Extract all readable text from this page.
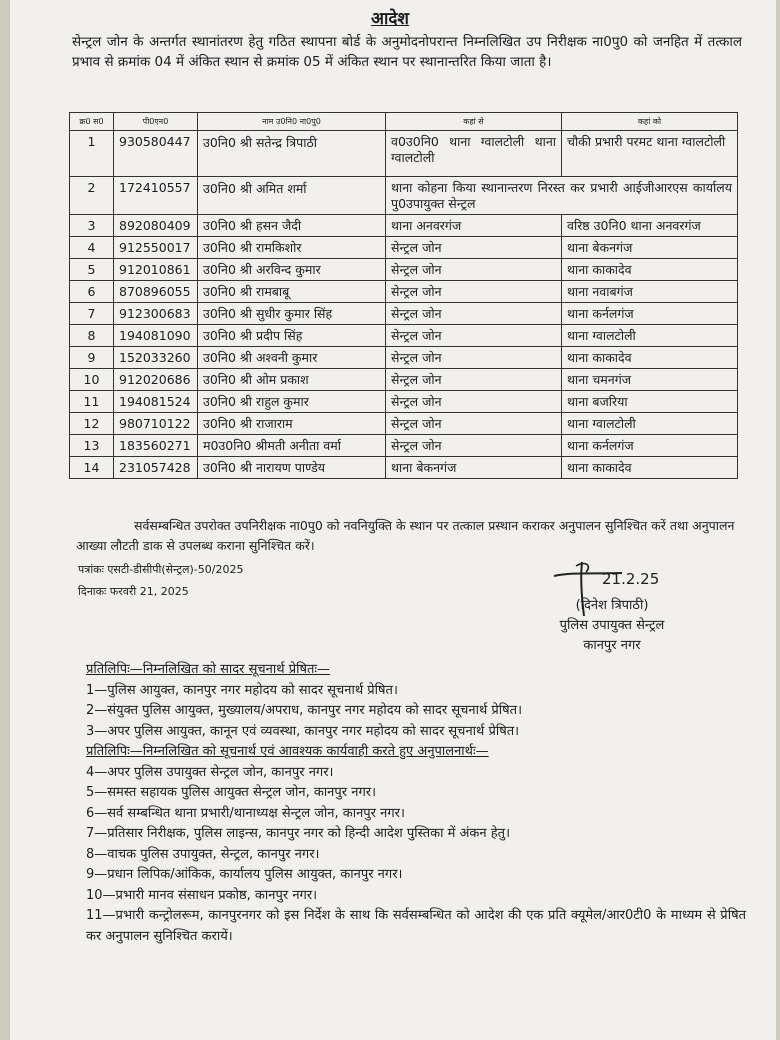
आदेश
सेन्ट्रल जोन के अन्तर्गत स्थानांतरण हेतु गठित स्थापना बोर्ड के अनुमोदनोपरान्त निम्नलिखित उप निरीक्षक ना0पु0 को जनहित में तत्काल प्रभाव से क्रमांक 04 में अंकित स्थान से क्रमांक 05 में अंकित स्थान पर स्थानान्तरित किया जाता है।
क्र0 स0	पी0एन0	नाम उ0नि0 ना0पु0	कहां से	कहां को
1	930580447	उ0नि0 श्री सतेन्द्र त्रिपाठी	व0उ0नि0 थाना ग्वालटोली थाना ग्वालटोली	चौकी प्रभारी परमट थाना ग्वालटोली
2	172410557	उ0नि0 श्री अमित शर्मा	थाना कोहना किया स्थानान्तरण निरस्त कर प्रभारी आईजीआरएस कार्यालय पु0उपायुक्त सेन्ट्रल	
3	892080409	उ0नि0 श्री हसन जैदी	थाना अनवरगंज	वरिष्ठ उ0नि0 थाना अनवरगंज
4	912550017	उ0नि0 श्री रामकिशोर	सेन्ट्रल जोन	थाना बेकनगंज
5	912010861	उ0नि0 श्री अरविन्द कुमार	सेन्ट्रल जोन	थाना काकादेव
6	870896055	उ0नि0 श्री रामबाबू	सेन्ट्रल जोन	थाना नवाबगंज
7	912300683	उ0नि0 श्री सुधीर कुमार सिंह	सेन्ट्रल जोन	थाना कर्नलगंज
8	194081090	उ0नि0 श्री प्रदीप सिंह	सेन्ट्रल जोन	थाना ग्वालटोली
9	152033260	उ0नि0 श्री अश्वनी कुमार	सेन्ट्रल जोन	थाना काकादेव
10	912020686	उ0नि0 श्री ओम प्रकाश	सेन्ट्रल जोन	थाना चमनगंज
11	194081524	उ0नि0 श्री राहुल कुमार	सेन्ट्रल जोन	थाना बजरिया
12	980710122	उ0नि0 श्री राजाराम	सेन्ट्रल जोन	थाना ग्वालटोली
13	183560271	म0उ0नि0 श्रीमती अनीता वर्मा	सेन्ट्रल जोन	थाना कर्नलगंज
14	231057428	उ0नि0 श्री नारायण पाण्डेय	थाना बेकनगंज	थाना काकादेव
सर्वसम्बन्धित उपरोक्त उपनिरीक्षक ना0पु0 को नवनियुक्ति के स्थान पर तत्काल प्रस्थान कराकर अनुपालन सुनिश्चित करें तथा अनुपालन आख्या लौटती डाक से उपलब्ध कराना सुनिश्चित करें।
पत्रांकः एसटी-डीसीपी(सेन्ट्रल)-50/2025
दिनाकः फरवरी 21, 2025
21.2.25
(दिनेश त्रिपाठी)
पुलिस उपायुक्त सेन्ट्रल
कानपुर नगर
प्रतिलिपिः—निम्नलिखित को सादर सूचनार्थ प्रेषितः—
1—पुलिस आयुक्त, कानपुर नगर महोदय को सादर सूचनार्थ प्रेषित।
2—संयुक्त पुलिस आयुक्त, मुख्यालय/अपराध, कानपुर नगर महोदय को सादर सूचनार्थ प्रेषित।
3—अपर पुलिस आयुक्त, कानून एवं व्यवस्था, कानपुर नगर महोदय को सादर सूचनार्थ प्रेषित।
प्रतिलिपिः—निम्नलिखित को सूचनार्थ एवं आवश्यक कार्यवाही करते हुए अनुपालनार्थः—
4—अपर पुलिस उपायुक्त सेन्ट्रल जोन, कानपुर नगर।
5—समस्त सहायक पुलिस आयुक्त सेन्ट्रल जोन, कानपुर नगर।
6—सर्व सम्बन्धित थाना प्रभारी/थानाध्यक्ष सेन्ट्रल जोन, कानपुर नगर।
7—प्रतिसार निरीक्षक, पुलिस लाइन्स, कानपुर नगर को हिन्दी आदेश पुस्तिका में अंकन हेतु।
8—वाचक पुलिस उपायुक्त, सेन्ट्रल, कानपुर नगर।
9—प्रधान लिपिक/आंकिक, कार्यालय पुलिस आयुक्त, कानपुर नगर।
10—प्रभारी मानव संसाधन प्रकोष्ठ, कानपुर नगर।
11—प्रभारी कन्ट्रोलरूम, कानपुरनगर को इस निर्देश के साथ कि सर्वसम्बन्धित को आदेश की एक प्रति क्यूमेल/आर0टी0 के माध्यम से प्रेषित कर अनुपालन सुनिश्चित करायें।
